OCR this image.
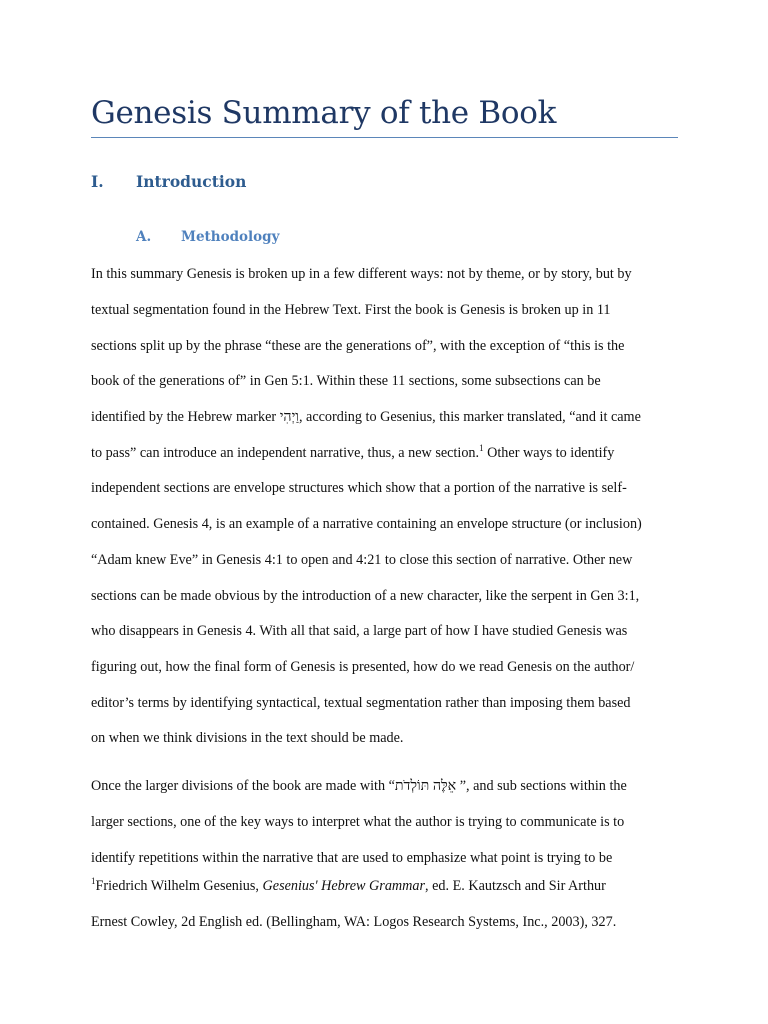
Genesis Summary of the Book
I. Introduction
A. Methodology
In this summary Genesis is broken up in a few different ways: not by theme, or by story, but by
textual segmentation found in the Hebrew Text. First the book is Genesis is broken up in 11
sections split up by the phrase “these are the generations of”, with the exception of “this is the
book of the generations of” in Gen 5:1. Within these 11 sections, some subsections can be
identified by the Hebrew marker וַיְהִי, according to Gesenius, this marker translated, “and it came
to pass” can introduce an independent narrative, thus, a new section.$^1$ Other ways to identify
independent sections are envelope structures which show that a portion of the narrative is self-
contained. Genesis 4, is an example of a narrative containing an envelope structure (or inclusion)
“Adam knew Eve” in Genesis 4:1 to open and 4:21 to close this section of narrative. Other new
sections can be made obvious by the introduction of a new character, like the serpent in Gen 3:1,
who disappears in Genesis 4. With all that said, a large part of how I have studied Genesis was
figuring out, how the final form of Genesis is presented, how do we read Genesis on the author/
editor’s terms by identifying syntactical, textual segmentation rather than imposing them based
on when we think divisions in the text should be made.
Once the larger divisions of the book are made with “אֵלֶּה תּוֹלְדֹת ”, and sub sections within the
larger sections, one of the key ways to interpret what the author is trying to communicate is to
identify repetitions within the narrative that are used to emphasize what point is trying to be
$^1$Friedrich Wilhelm Gesenius, Gesenius' Hebrew Grammar, ed. E. Kautzsch and Sir Arthur
Ernest Cowley, 2d English ed. (Bellingham, WA: Logos Research Systems, Inc., 2003), 327.
